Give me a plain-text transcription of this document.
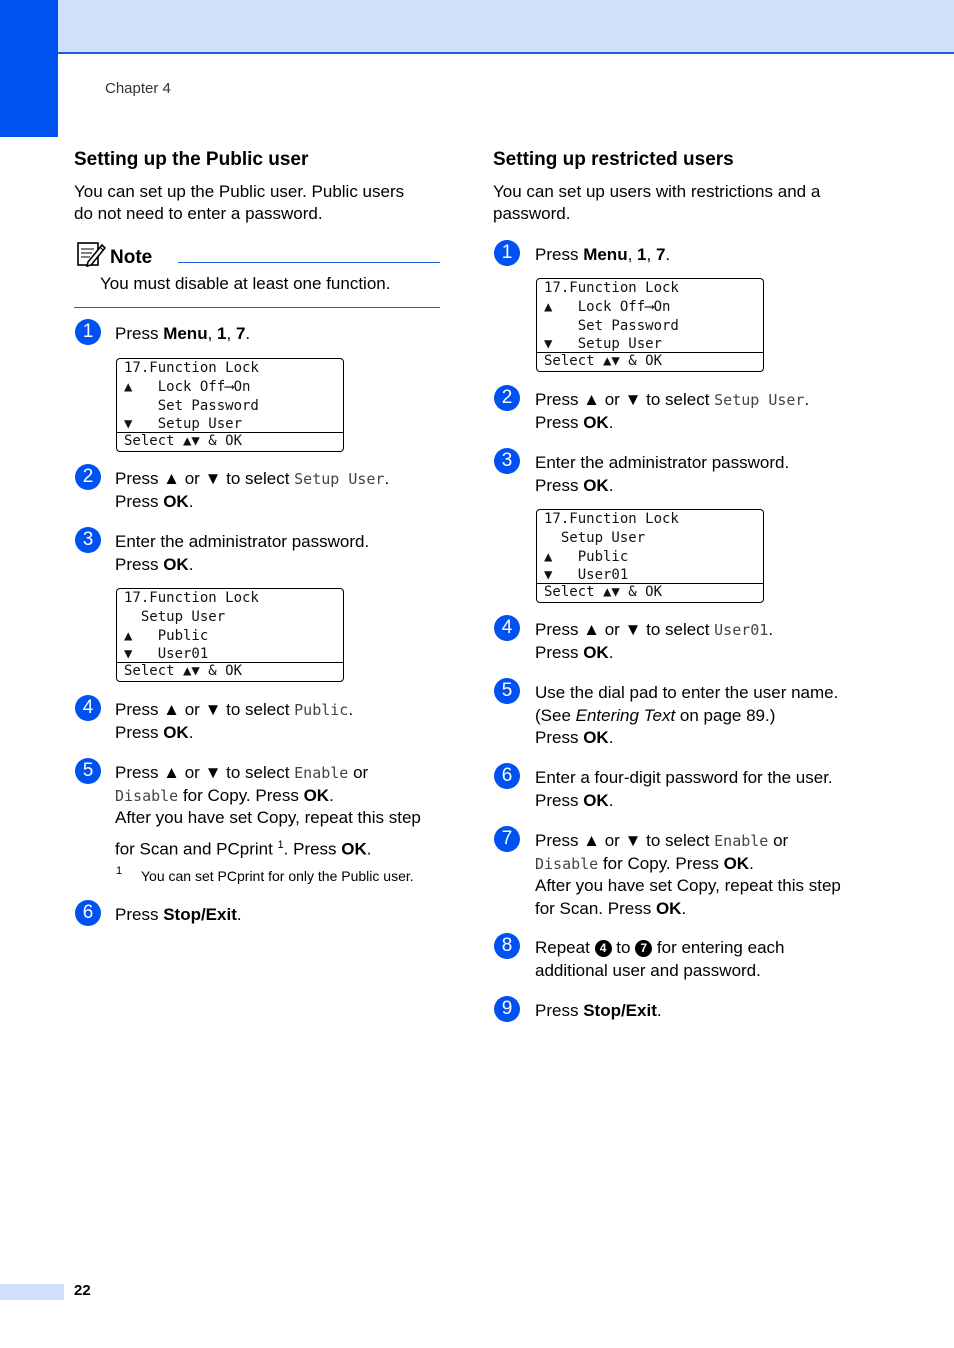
Chapter 4
Setting up the Public user
You can set up the Public user. Public users
do not need to enter a password.
Note
You must disable at least one function.
1	Press Menu, 1, 7.
17.Function Lock
▲   Lock Off⟶On
Set Password
▼   Setup User
Select ▲▼ & OK
2	Press ▲ or ▼ to select Setup User.
Press OK.
3	Enter the administrator password.
Press OK.
17.Function Lock
Setup User
▲   Public
▼   User01
Select ▲▼ & OK
4	Press ▲ or ▼ to select Public.
Press OK.
5	Press ▲ or ▼ to select Enable or
Disable for Copy. Press OK.
After you have set Copy, repeat this step
for Scan and PCprint $^1$. Press OK.
1 You can set PCprint for only the Public user.
6	Press Stop/Exit.
Setting up restricted users
You can set up users with restrictions and a
password.
1	Press Menu, 1, 7.
17.Function Lock
▲   Lock Off⟶On
Set Password
▼   Setup User
Select ▲▼ & OK
2	Press ▲ or ▼ to select Setup User.
Press OK.
3	Enter the administrator password.
Press OK.
17.Function Lock
Setup User
▲   Public
▼   User01
Select ▲▼ & OK
4	Press ▲ or ▼ to select User01.
Press OK.
5	Use the dial pad to enter the user name.
(See Entering Text on page 89.)
Press OK.
6	Enter a four-digit password for the user.
Press OK.
7	Press ▲ or ▼ to select Enable or
Disable for Copy. Press OK.
After you have set Copy, repeat this step
for Scan. Press OK.
8	Repeat 4 to 7 for entering each
additional user and password.
9	Press Stop/Exit.
22
